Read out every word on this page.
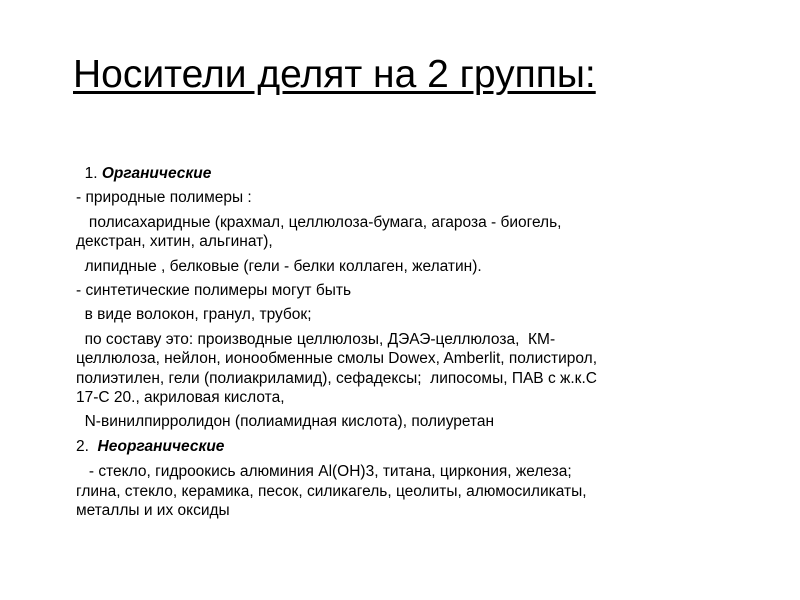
Носители делят на 2 группы:
1. Органические
- природные полимеры :
полисахаридные (крахмал, целлюлоза-бумага, агароза - биогель,
декстран, хитин, альгинат),
липидные , белковые (гели - белки коллаген, желатин).
- синтетические полимеры могут быть
в виде волокон, гранул, трубок;
по составу это: производные целлюлозы, ДЭАЭ-целлюлоза,  КМ-
целлюлоза, нейлон, ионообменные смолы Dowex, Amberlit, полистирол,
полиэтилен, гели (полиакриламид), сефадексы;  липосомы, ПАВ с ж.к.С
17-С 20., акриловая кислота,
N-винилпирролидон (полиамидная кислота), полиуретан
2.  Неорганические
- стекло, гидроокись алюминия Al(OH)3, титана, циркония, железа;
глина, стекло, керамика, песок, силикагель, цеолиты, алюмосиликаты,
металлы и их оксиды
